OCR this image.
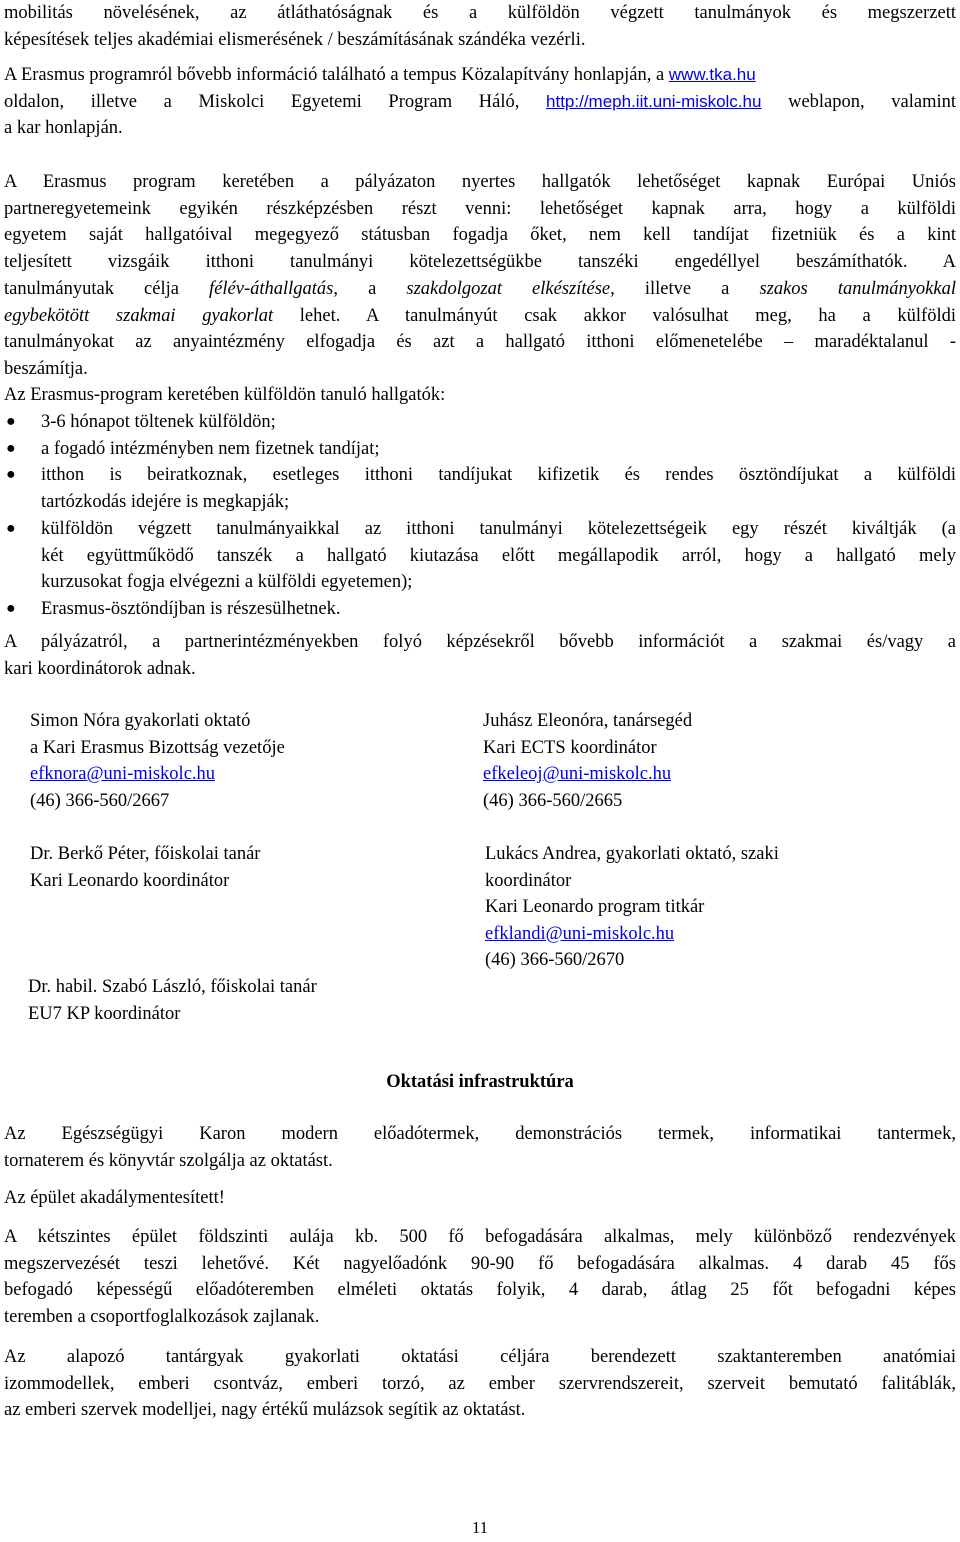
mobilitás növelésének, az átláthatóságnak és a külföldön végzett tanulmányok és megszerzett
képesítések teljes akadémiai elismerésének / beszámításának szándéka vezérli.
A Erasmus programról bővebb információ található a tempus Közalapítvány honlapján, a www.tka.hu
oldalon, illetve a Miskolci Egyetemi Program Háló, http://meph.iit.uni-miskolc.hu weblapon, valamint
a kar honlapján.
A Erasmus program keretében a pályázaton nyertes hallgatók lehetőséget kapnak Európai Uniós
partneregyetemeink egyikén részképzésben részt venni: lehetőséget kapnak arra, hogy a külföldi
egyetem saját hallgatóival megegyező státusban fogadja őket, nem kell tandíjat fizetniük és a kint
teljesített vizsgáik itthoni tanulmányi kötelezettségükbe tanszéki engedéllyel beszámíthatók. A
tanulmányutak célja félév-áthallgatás, a szakdolgozat elkészítése, illetve a szakos tanulmányokkal
egybekötött szakmai gyakorlat lehet. A tanulmányút csak akkor valósulhat meg, ha a külföldi
tanulmányokat az anyaintézmény elfogadja és azt a hallgató itthoni előmenetelébe – maradéktalanul -
beszámítja.
Az Erasmus-program keretében külföldön tanuló hallgatók:
● 3-6 hónapot töltenek külföldön;
● a fogadó intézményben nem fizetnek tandíjat;
● itthon is beiratkoznak, esetleges itthoni tandíjukat kifizetik és rendes ösztöndíjukat a külföldi
tartózkodás idejére is megkapják;
● külföldön végzett tanulmányaikkal az itthoni tanulmányi kötelezettségeik egy részét kiváltják (a
két együttműködő tanszék a hallgató kiutazása előtt megállapodik arról, hogy a hallgató mely
kurzusokat fogja elvégezni a külföldi egyetemen);
● Erasmus-ösztöndíjban is részesülhetnek.
A pályázatról, a partnerintézményekben folyó képzésekről bővebb információt a szakmai és/vagy a
kari koordinátorok adnak.
Simon Nóra gyakorlati oktató
a Kari Erasmus Bizottság vezetője
efknora@uni-miskolc.hu
(46) 366-560/2667
Juhász Eleonóra, tanársegéd
Kari ECTS koordinátor
efkeleoj@uni-miskolc.hu
(46) 366-560/2665
Dr. Berkő Péter, főiskolai tanár
Kari Leonardo koordinátor
Lukács Andrea, gyakorlati oktató, szaki
koordinátor
Kari Leonardo program titkár
efklandi@uni-miskolc.hu
(46) 366-560/2670
Dr. habil. Szabó László, főiskolai tanár
EU7 KP koordinátor
Oktatási infrastruktúra
Az Egészségügyi Karon modern előadótermek, demonstrációs termek, informatikai tantermek,
tornaterem és könyvtár szolgálja az oktatást.
Az épület akadálymentesített!
A kétszintes épület földszinti aulája kb. 500 fő befogadására alkalmas, mely különböző rendezvények
megszervezését teszi lehetővé. Két nagyelőadónk 90-90 fő befogadására alkalmas. 4 darab 45 fős
befogadó képességű előadóteremben elméleti oktatás folyik, 4 darab, átlag 25 főt befogadni képes
teremben a csoportfoglalkozások zajlanak.
Az alapozó tantárgyak gyakorlati oktatási céljára berendezett szaktanteremben anatómiai
izommodellek, emberi csontváz, emberi torzó, az ember szervrendszereit, szerveit bemutató falitáblák,
az emberi szervek modelljei, nagy értékű mulázsok segítik az oktatást.
11
